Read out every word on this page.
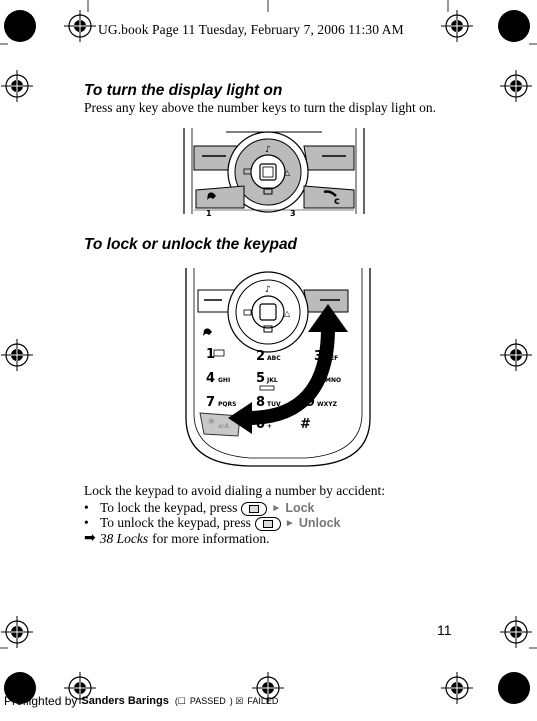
UG.book Page 11 Tuesday, February 7, 2006 11:30 AM
To turn the display light on
Press any key above the number keys to turn the display light on.
♪
△
c
1	3
To lock or unlock the keypad
♪
△
1	2 ABC	3 DEF
4 GHI 5 JKL	6 MNO
7 PQRS 8 TUV 9 WXYZ
0 + #
Lock the keypad to avoid dialing a number by accident:
• To lock the keypad, press	► Lock
• To unlock the keypad, press	► Unlock
➡ 38 Locks for more information.
11
Preflighted by Sanders Barings (☐ PASSED ) ☒ FAILED
